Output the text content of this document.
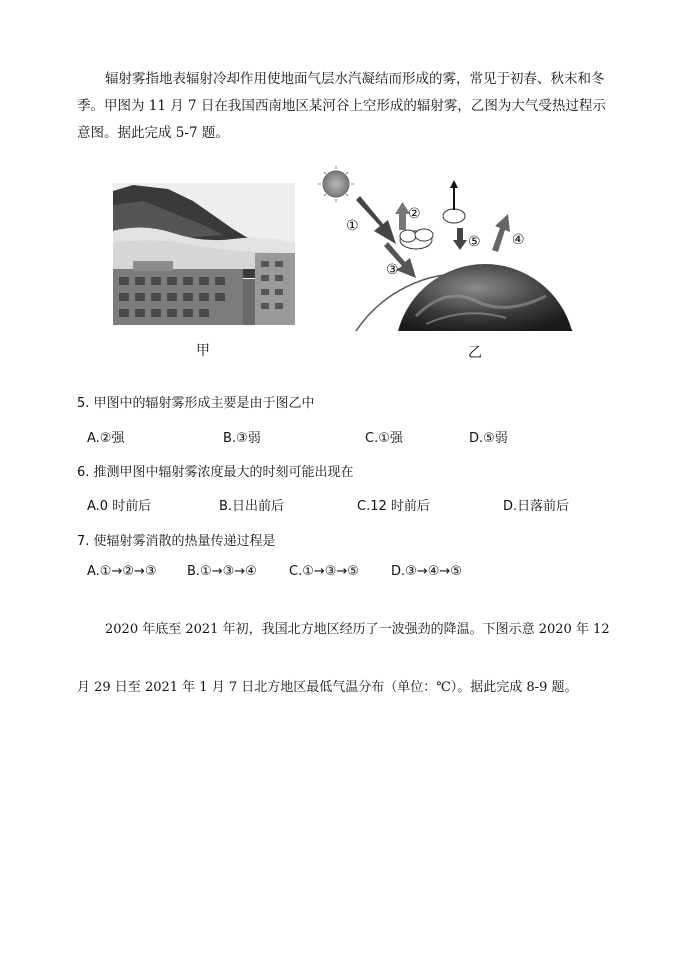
辐射雾指地表辐射冷却作用使地面气层水汽凝结而形成的雾，常见于初春、秋末和冬季。甲图为 11 月 7 日在我国西南地区某河谷上空形成的辐射雾，乙图为大气受热过程示意图。据此完成 5-7 题。
甲
①
③
②
⑤ ④
乙
5. 甲图中的辐射雾形成主要是由于图乙中
A.②强	B.③弱	C.①强	D.⑤弱
6. 推测甲图中辐射雾浓度最大的时刻可能出现在
A.0 时前后	B.日出前后	C.12 时前后	D.日落前后
7. 使辐射雾消散的热量传递过程是
A.①→②→③ B.①→③→④ C.①→③→⑤ D.③→④→⑤
2020 年底至 2021 年初，我国北方地区经历了一波强劲的降温。下图示意 2020 年 12
月 29 日至 2021 年 1 月 7 日北方地区最低气温分布（单位：℃）。据此完成 8-9 题。
